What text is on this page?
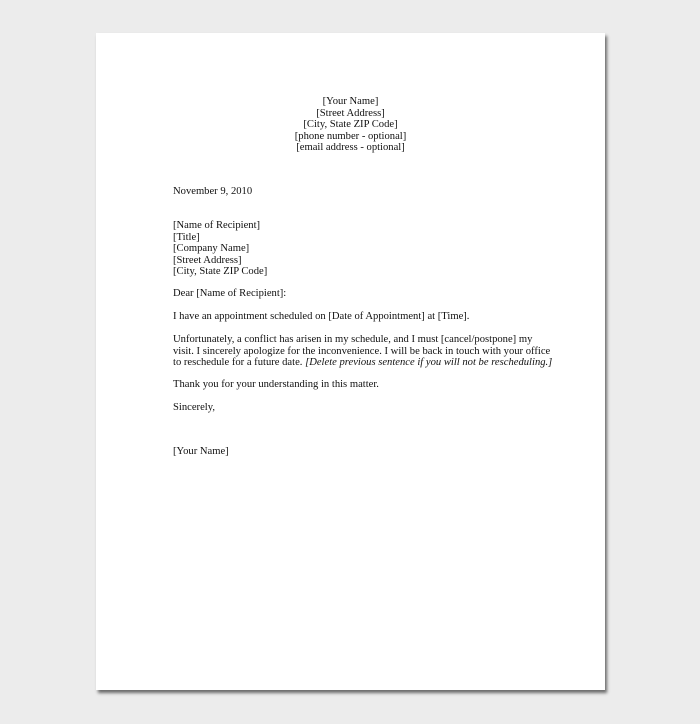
[Your Name]
[Street Address]
[City, State ZIP Code]
[phone number - optional]
[email address - optional]
November 9, 2010
[Name of Recipient]
[Title]
[Company Name]
[Street Address]
[City, State ZIP Code]
Dear [Name of Recipient]:
I have an appointment scheduled on [Date of Appointment] at [Time].
Unfortunately, a conflict has arisen in my schedule, and I must [cancel/postpone] my
visit. I sincerely apologize for the inconvenience. I will be back in touch with your office
to reschedule for a future date. [Delete previous sentence if you will not be rescheduling.]
Thank you for your understanding in this matter.
Sincerely,
[Your Name]
